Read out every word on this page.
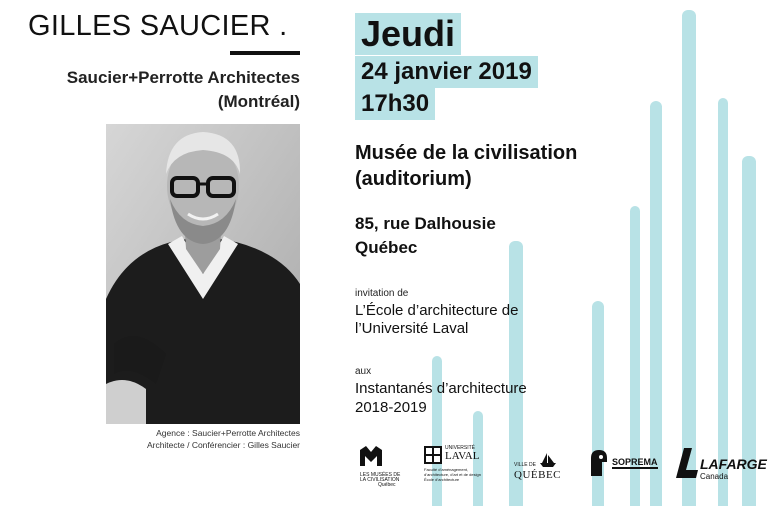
GILLES SAUCIER .
Saucier+Perrotte Architectes
(Montréal)
Agence : Saucier+Perrotte Architectes
Architecte / Conférencier : Gilles Saucier
Jeudi
24 janvier 2019
17h30
Musée de la civilisation
(auditorium)
85, rue Dalhousie
Québec
invitation de
L’École d’architecture de
l’Université Laval
aux
Instantanés d’architecture
2018-2019
LES MUSÉES DE
LA CIVILISATION
Québec
UNIVERSITÉ
LAVAL
Faculté d’aménagement,
d’architecture, d’art et de design
École d’architecture
VILLE DE
QUÉBEC
SOPREMA	LAFARGE
Canada
